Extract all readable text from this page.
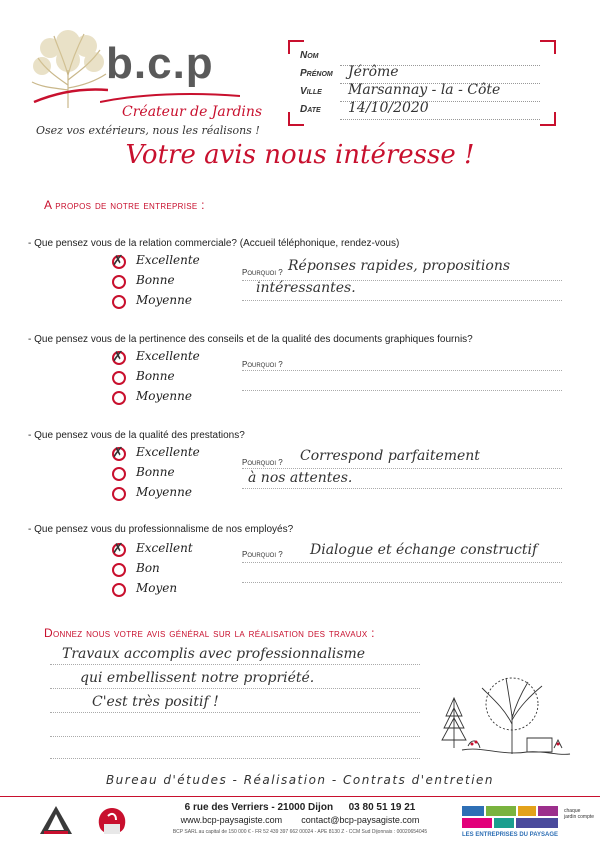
b.c.p
Créateur de Jardins
Osez vos extérieurs, nous les réalisons !
Nom
Prénom Jérôme
Ville Marsannay - la - Côte
Date 14/10/2020
Votre avis nous intéresse !
A propos de notre entreprise :
- Que pensez vous de la relation commerciale? (Accueil téléphonique, rendez-vous)
✗
Excellente
Bonne
Moyenne
Pourquoi ? Réponses rapides, propositions
intéressantes.
- Que pensez vous de la pertinence des conseils et de la qualité des documents graphiques fournis?
✗
Excellente
Bonne
Moyenne
Pourquoi ?
- Que pensez vous de la qualité des prestations?
✗
Excellente
Bonne
Moyenne
Pourquoi ? Correspond parfaitement
à nos attentes.
- Que pensez vous du professionnalisme de nos employés?
✗
Excellent
Bon
Moyen
Pourquoi ? Dialogue et échange constructif
Donnez nous votre avis général sur la réalisation des travaux :
Travaux accomplis avec professionnalisme
qui embellissent notre propriété.
C'est très positif !
Bureau d'études - Réalisation - Contrats d'entretien
6 rue des Verriers - 21000 Dijon 03 80 51 19 21
www.bcp-paysagiste.com contact@bcp-paysagiste.com
BCP SARL au capital de 150 000 € - FR 52 439 397 662 00024 - APE 8130 Z - CCM Sud Dijonnais : 00020654045
chaque jardin compte
LES ENTREPRISES DU PAYSAGE
